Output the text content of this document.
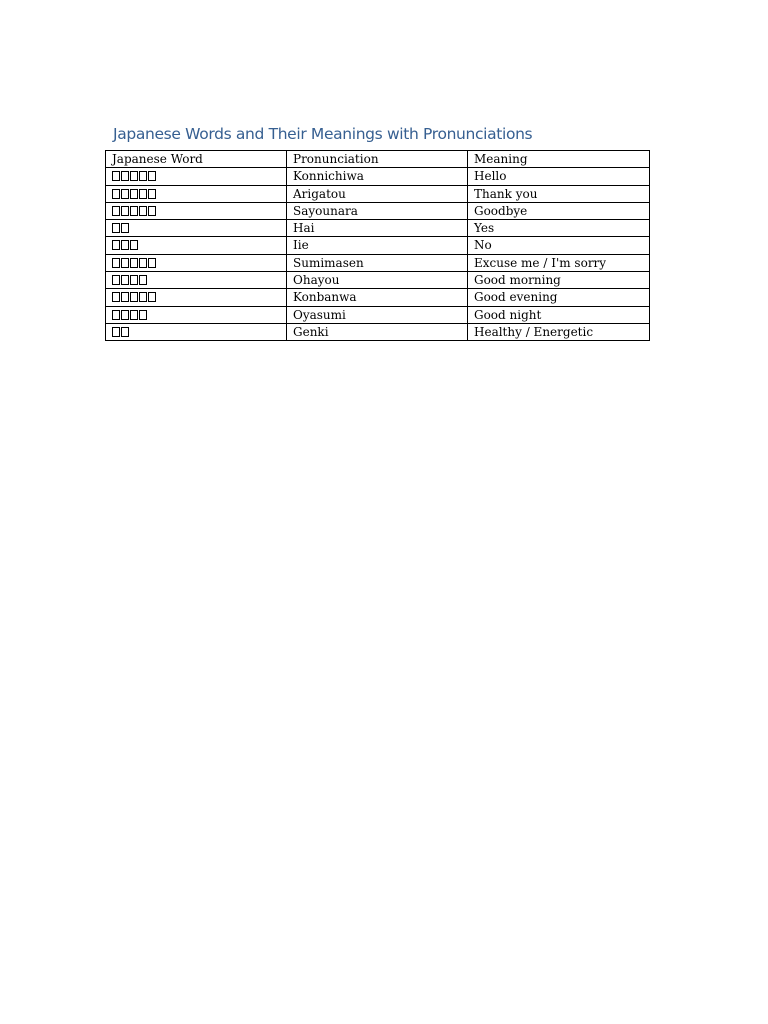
Japanese Words and Their Meanings with Pronunciations
Japanese Word	Pronunciation	Meaning

	Konnichiwa	Hello

	Arigatou	Thank you

	Sayounara	Goodbye

	Hai	Yes

	Iie	No

	Sumimasen	Excuse me / I'm sorry

	Ohayou	Good morning

	Konbanwa	Good evening

	Oyasumi	Good night

	Genki	Healthy / Energetic
